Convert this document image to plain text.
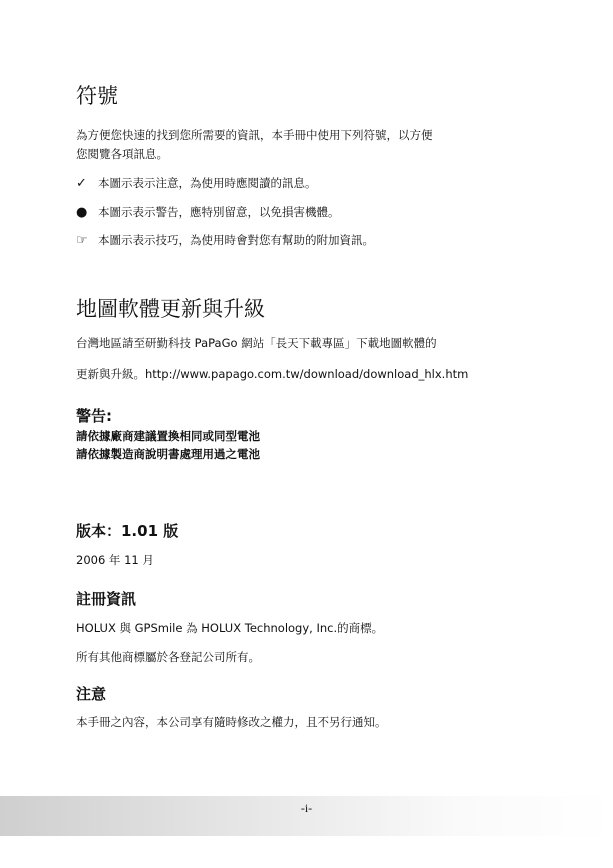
符號
為方便您快速的找到您所需要的資訊，本手冊中使用下列符號，以方便
您閱覽各項訊息。
✓ 本圖示表示注意，為使用時應閱讀的訊息。
● 本圖示表示警告，應特別留意，以免損害機體。
☞ 本圖示表示技巧，為使用時會對您有幫助的附加資訊。
地圖軟體更新與升級
台灣地區請至研勤科技 PaPaGo 網站「長天下載專區」下載地圖軟體的
更新與升級。http://www.papago.com.tw/download/download_hlx.htm
警告:
請依據廠商建議置換相同或同型電池
請依據製造商說明書處理用過之電池
版本：1.01 版
2006 年 11 月
註冊資訊
HOLUX 與 GPSmile 為 HOLUX Technology, Inc.的商標。
所有其他商標屬於各登記公司所有。
注意
本手冊之內容，本公司享有隨時修改之權力，且不另行通知。
-i-
